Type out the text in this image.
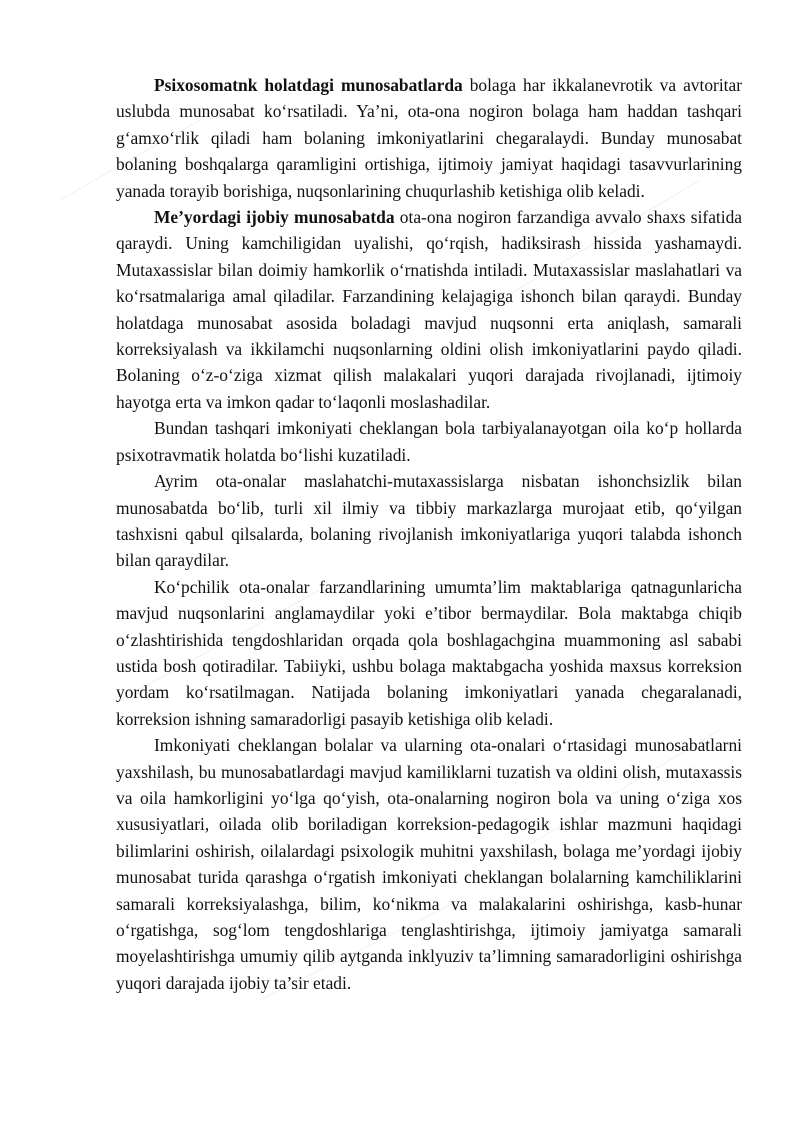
Psixosomatnk holatdagi munosabatlarda bolaga har ikkalanevrotik va avtoritar uslubda munosabat ko‘rsatiladi. Ya’ni, ota-ona nogiron bolaga ham haddan tashqari g‘amxo‘rlik qiladi ham bolaning imkoniyatlarini chegaralaydi. Bunday munosabat bolaning boshqalarga qaramligini ortishiga, ijtimoiy jamiyat haqidagi tasavvurlarining yanada torayib borishiga, nuqsonlarining chuqurlashib ketishiga olib keladi.

Me’yordagi ijobiy munosabatda ota-ona nogiron farzandiga avvalo shaxs sifatida qaraydi. Uning kamchiligidan uyalishi, qo‘rqish, hadiksirash hissida yashamaydi. Mutaxassislar bilan doimiy hamkorlik o‘rnatishda intiladi. Mutaxassislar maslahatlari va ko‘rsatmalariga amal qiladilar. Farzandining kelajagiga ishonch bilan qaraydi. Bunday holatdaga munosabat asosida boladagi mavjud nuqsonni erta aniqlash, samarali korreksiyalash va ikkilamchi nuqsonlarning oldini olish imkoniyatlarini paydo qiladi. Bolaning o‘z-o‘ziga xizmat qilish malakalari yuqori darajada rivojlanadi, ijtimoiy hayotga erta va imkon qadar to‘laqonli moslashadilar.

Bundan tashqari imkoniyati cheklangan bola tarbiyalanayotgan oila ko‘p hollarda psixotravmatik holatda bo‘lishi kuzatiladi.

Ayrim ota-onalar maslahatchi-mutaxassislarga nisbatan ishonchsizlik bilan munosabatda bo‘lib, turli xil ilmiy va tibbiy markazlarga murojaat etib, qo‘yilgan tashxisni qabul qilsalarda, bolaning rivojlanish imkoniyatlariga yuqori talabda ishonch bilan qaraydilar.

Ko‘pchilik ota-onalar farzandlarining umumta’lim maktablariga qatnagunlaricha mavjud nuqsonlarini anglamaydilar yoki e’tibor bermaydilar. Bola maktabga chiqib o‘zlashtirishida tengdoshlaridan orqada qola boshlagachgina muammoning asl sababi ustida bosh qotiradilar. Tabiiyki, ushbu bolaga maktabgacha yoshida maxsus korreksion yordam ko‘rsatilmagan. Natijada bolaning imkoniyatlari yanada chegaralanadi, korreksion ishning samaradorligi pasayib ketishiga olib keladi.

Imkoniyati cheklangan bolalar va ularning ota-onalari o‘rtasidagi munosabatlarni yaxshilash, bu munosabatlardagi mavjud kamiliklarni tuzatish va oldini olish, mutaxassis va oila hamkorligini yo‘lga qo‘yish, ota-onalarning nogiron bola va uning o‘ziga xos xususiyatlari, oilada olib boriladigan korreksion-pedagogik ishlar mazmuni haqidagi bilimlarini oshirish, oilalardagi psixologik muhitni yaxshilash, bolaga me’yordagi ijobiy munosabat turida qarashga o‘rgatish imkoniyati cheklangan bolalarning kamchiliklarini samarali korreksiyalashga, bilim, ko‘nikma va malakalarini oshirishga, kasb-hunar o‘rgatishga, sog‘lom tengdoshlariga tenglashtirishga, ijtimoiy jamiyatga samarali moyelashtirishga umumiy qilib aytganda inklyuziv ta’limning samaradorligini oshirishga yuqori darajada ijobiy ta’sir etadi.
